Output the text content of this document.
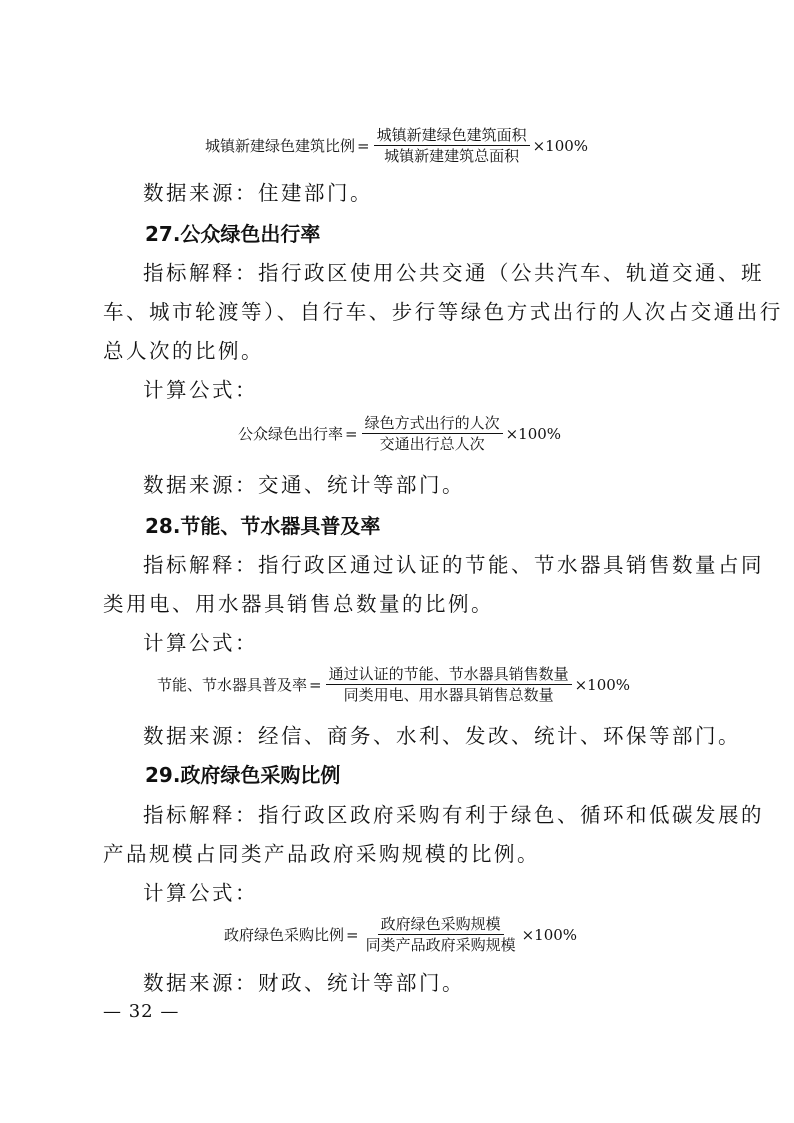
城镇新建绿色建筑比例 = $\frac{\text{城镇新建绿色建筑面积}}{\text{城镇新建建筑总面积}} \times 100\%$
数据来源：住建部门。
27.公众绿色出行率
指标解释：指行政区使用公共交通（公共汽车、轨道交通、班
车、城市轮渡等）、自行车、步行等绿色方式出行的人次占交通出行
总人次的比例。
计算公式：
公众绿色出行率 = $\frac{\text{绿色方式出行的人次}}{\text{交通出行总人次}} \times 100\%$
数据来源：交通、统计等部门。
28.节能、节水器具普及率
指标解释：指行政区通过认证的节能、节水器具销售数量占同
类用电、用水器具销售总数量的比例。
计算公式：
节能、节水器具普及率 = $\frac{\text{通过认证的节能、节水器具销售数量}}{\text{同类用电、用水器具销售总数量}} \times 100\%$
数据来源：经信、商务、水利、发改、统计、环保等部门。
29.政府绿色采购比例
指标解释：指行政区政府采购有利于绿色、循环和低碳发展的
产品规模占同类产品政府采购规模的比例。
计算公式：
政府绿色采购比例 = $\frac{\text{政府绿色采购规模}}{\text{同类产品政府采购规模}} \times 100\%$
数据来源：财政、统计等部门。
— 32 —
